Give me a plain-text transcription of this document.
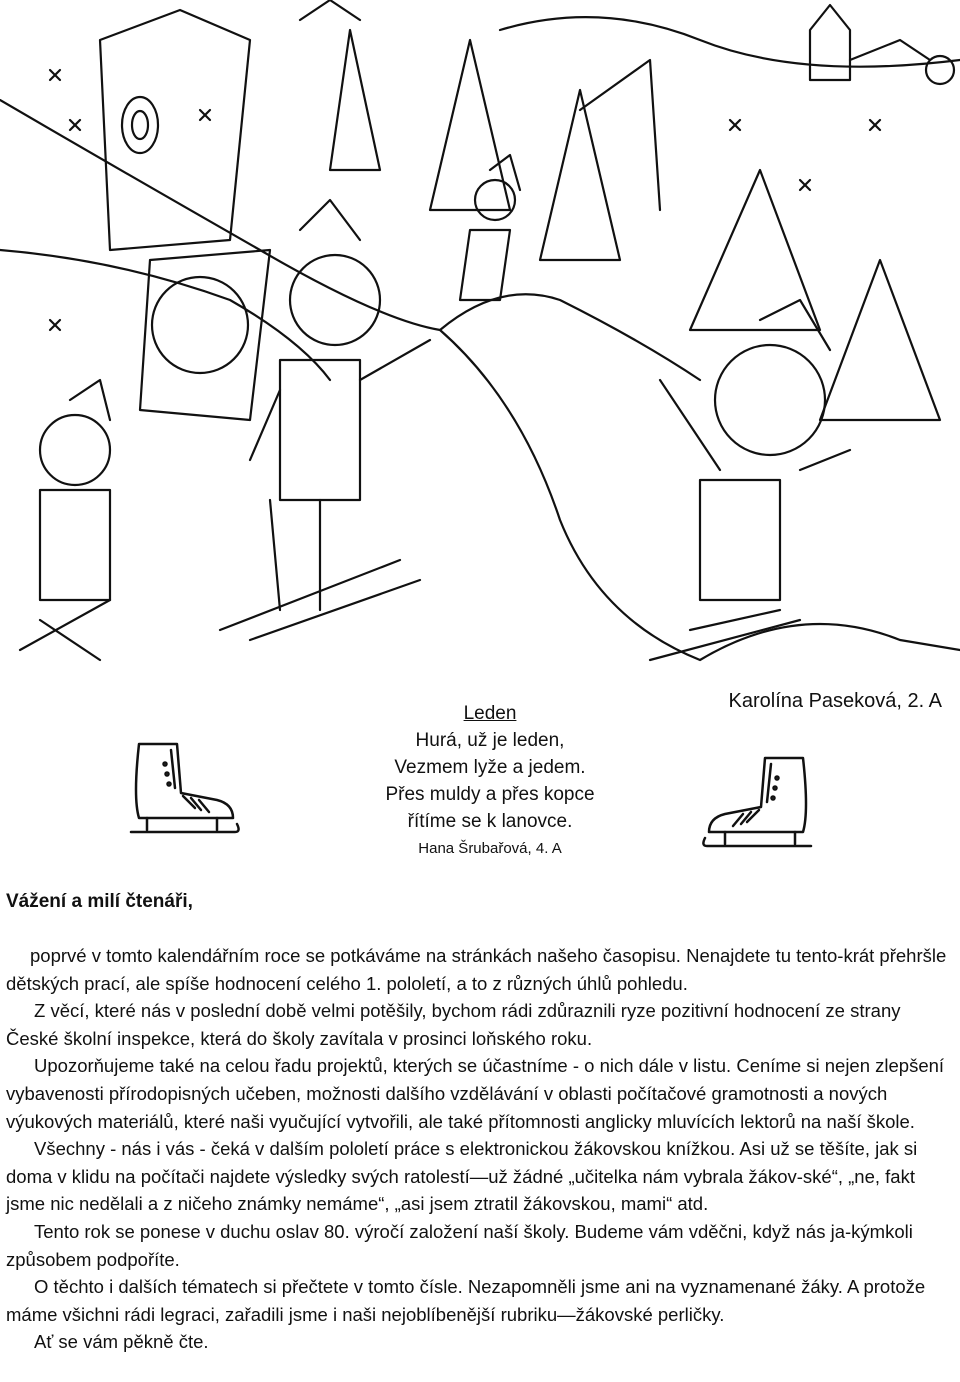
Karolína Paseková, 2. A
Leden
Hurá, už je leden,
Vezmem lyže a jedem.
Přes muldy a přes kopce
řítíme se k lanovce.
Hana Šrubařová, 4. A
Vážení a milí čtenáři,

poprvé v tomto kalendářním roce se potkáváme na stránkách našeho časopisu. Nenajdete tu tento-krát přehršle dětských prací, ale spíše hodnocení celého 1. pololetí, a to z různých úhlů pohledu.

Z věcí, které nás v poslední době velmi potěšily, bychom rádi zdůraznili ryze pozitivní hodnocení ze strany České školní inspekce, která do školy zavítala v prosinci loňského roku.

Upozorňujeme také na celou řadu projektů, kterých se účastníme - o nich dále v listu. Ceníme si nejen zlepšení vybavenosti přírodopisných učeben, možnosti dalšího vzdělávání v oblasti počítačové gramotnosti a nových výukových materiálů, které naši vyučující vytvořili, ale také přítomnosti anglicky mluvících lektorů na naší škole.

Všechny - nás i vás - čeká v dalším pololetí práce s elektronickou žákovskou knížkou. Asi už se těšíte, jak si doma v klidu na počítači najdete výsledky svých ratolestí—už žádné „učitelka nám vybrala žákov-ské“, „ne, fakt jsme nic nedělali a z ničeho známky nemáme“, „asi jsem ztratil žákovskou, mami“ atd.

Tento rok se ponese v duchu oslav 80. výročí založení naší školy. Budeme vám vděčni, když nás ja-kýmkoli způsobem podpoříte.

O těchto i dalších tématech si přečtete v tomto čísle. Nezapomněli jsme ani na vyznamenané žáky. A protože máme všichni rádi legraci, zařadili jsme i naši nejoblíbenější rubriku—žákovské perličky.

Ať se vám pěkně čte.
